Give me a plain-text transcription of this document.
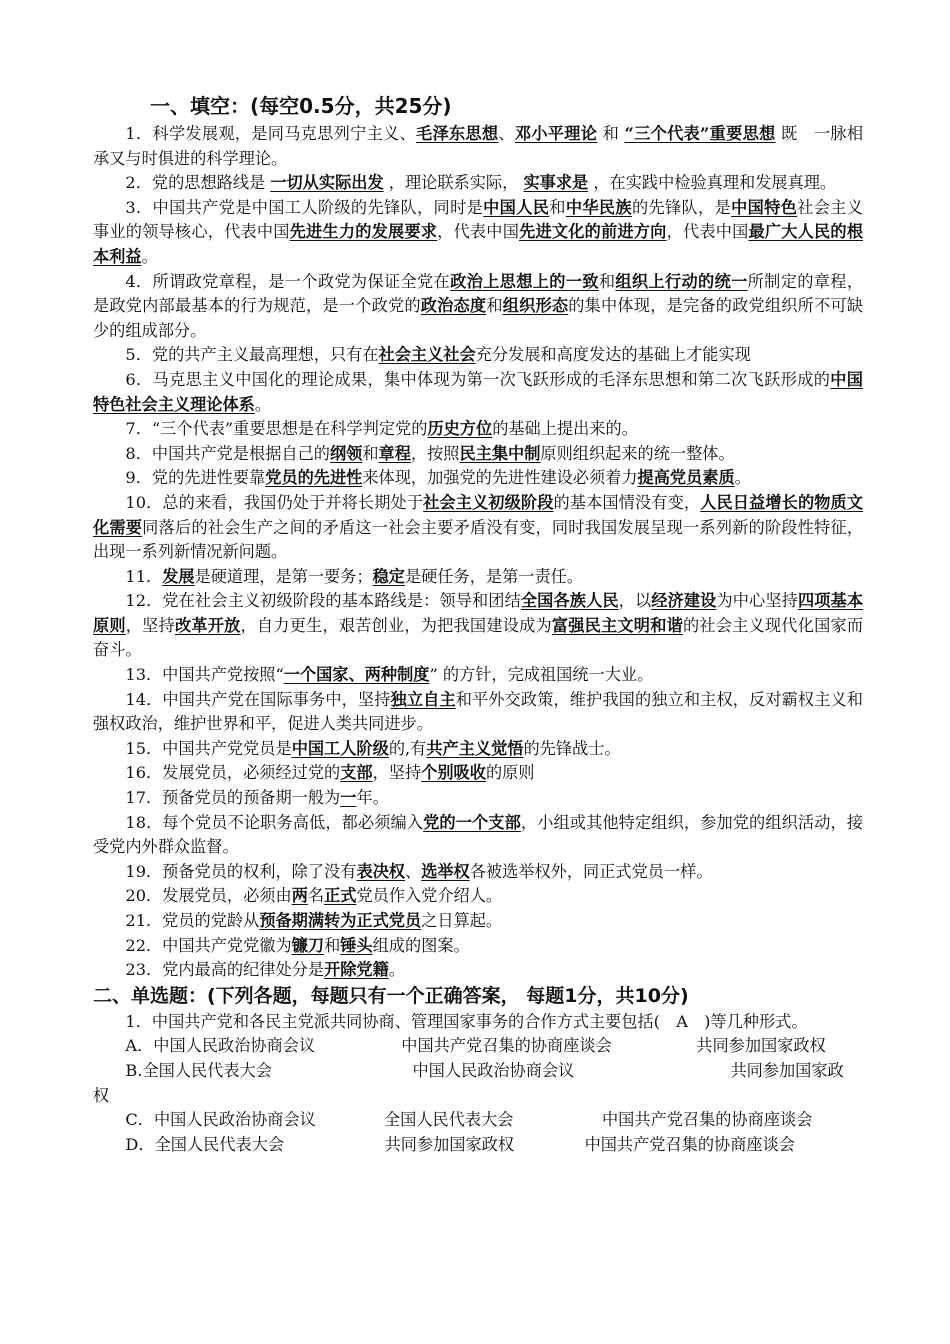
一、填空：(每空0.5分，共25分)

1．科学发展观，是同马克思列宁主义、毛泽东思想、邓小平理论 和 “三个代表”重要思想 既　一脉相承又与时俱进的科学理论。

2．党的思想路线是 一切从实际出发 ，理论联系实际， 实事求是 ，在实践中检验真理和发展真理。

3．中国共产党是中国工人阶级的先锋队，同时是中国人民和中华民族的先锋队，是中国特色社会主义事业的领导核心，代表中国先进生力的发展要求，代表中国先进文化的前进方向，代表中国最广大人民的根本利益。

4．所谓政党章程，是一个政党为保证全党在政治上思想上的一致和组织上行动的统一所制定的章程，是政党内部最基本的行为规范，是一个政党的政治态度和组织形态的集中体现，是完备的政党组织所不可缺少的组成部分。

5．党的共产主义最高理想，只有在社会主义社会充分发展和高度发达的基础上才能实现

6．马克思主义中国化的理论成果，集中体现为第一次飞跃形成的毛泽东思想和第二次飞跃形成的中国特色社会主义理论体系。

7．“三个代表”重要思想是在科学判定党的历史方位的基础上提出来的。

8．中国共产党是根据自己的纲领和章程，按照民主集中制原则组织起来的统一整体。

9．党的先进性要靠党员的先进性来体现，加强党的先进性建设必须着力提高党员素质。

10．总的来看，我国仍处于并将长期处于社会主义初级阶段的基本国情没有变，人民日益增长的物质文化需要同落后的社会生产之间的矛盾这一社会主要矛盾没有变，同时我国发展呈现一系列新的阶段性特征，出现一系列新情况新问题。

11．发展是硬道理，是第一要务；稳定是硬任务，是第一责任。

12．党在社会主义初级阶段的基本路线是：领导和团结全国各族人民，以经济建设为中心坚持四项基本原则，坚持改革开放，自力更生，艰苦创业，为把我国建设成为富强民主文明和谐的社会主义现代化国家而奋斗。

13．中国共产党按照“一个国家、两种制度” 的方针，完成祖国统一大业。

14．中国共产党在国际事务中，坚持独立自主和平外交政策，维护我国的独立和主权，反对霸权主义和强权政治，维护世界和平，促进人类共同进步。

15．中国共产党党员是中国工人阶级的,有共产主义觉悟的先锋战士。

16．发展党员，必须经过党的支部，坚持个别吸收的原则

17．预备党员的预备期一般为一年。

18．每个党员不论职务高低，都必须编入党的一个支部，小组或其他特定组织，参加党的组织活动，接受党内外群众监督。

19．预备党员的权利，除了没有表决权、选举权各被选举权外，同正式党员一样。

20．发展党员，必须由两名正式党员作入党介绍人。

21．党员的党龄从预备期满转为正式党员之日算起。

22．中国共产党党徽为镰刀和锤头组成的图案。

23．党内最高的纪律处分是开除党籍。

二、单选题：(下列各题，每题只有一个正确答案， 每题1分，共10分)

1．中国共产党和各民主党派共同协商、管理国家事务的合作方式主要包括(　A　)等几种形式。

A． 中国人民政治协商会议	中国共产党召集的协商座谈会	共同参加国家政权
B. 全国人民代表大会	中国人民政治协商会议	共同参加国家政

权

C． 中国人民政治协商会议	全国人民代表大会	中国共产党召集的协商座谈会
D． 全国人民代表大会	共同参加国家政权	中国共产党召集的协商座谈会
